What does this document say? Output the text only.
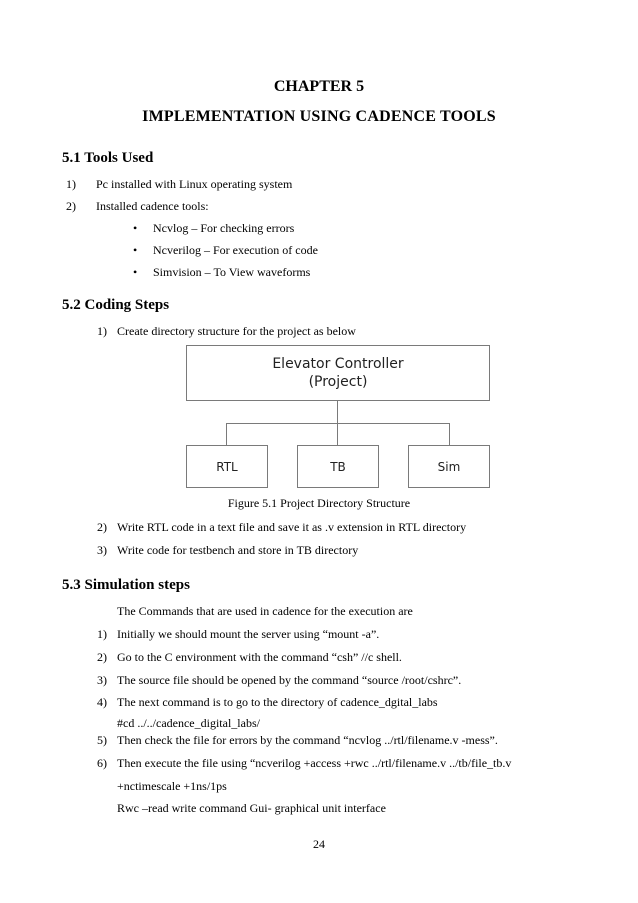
CHAPTER 5
IMPLEMENTATION USING CADENCE TOOLS
5.1 Tools Used
1) Pc installed with Linux operating system
2) Installed cadence tools:
• Ncvlog – For checking errors
• Ncverilog – For execution of code
• Simvision – To View waveforms
5.2 Coding Steps
1) Create directory structure for the project as below
Elevator Controller
(Project)
RTL	TB	Sim
Figure 5.1 Project Directory Structure
2) Write RTL code in a text file and save it as .v extension in RTL directory
3) Write code for testbench and store in TB directory
5.3 Simulation steps
The Commands that are used in cadence for the execution are
1) Initially we should mount the server using “mount -a”.
2) Go to the C environment with the command “csh” //c shell.
3) The source file should be opened by the command “source /root/cshrc”.
4) The next command is to go to the directory of cadence_dgital_labs
#cd ../../cadence_digital_labs/
5) Then check the file for errors by the command “ncvlog ../rtl/filename.v -mess”.
6) Then execute the file using “ncverilog +access +rwc ../rtl/filename.v ../tb/file_tb.v
+nctimescale +1ns/1ps
Rwc –read write command Gui- graphical unit interface
24
